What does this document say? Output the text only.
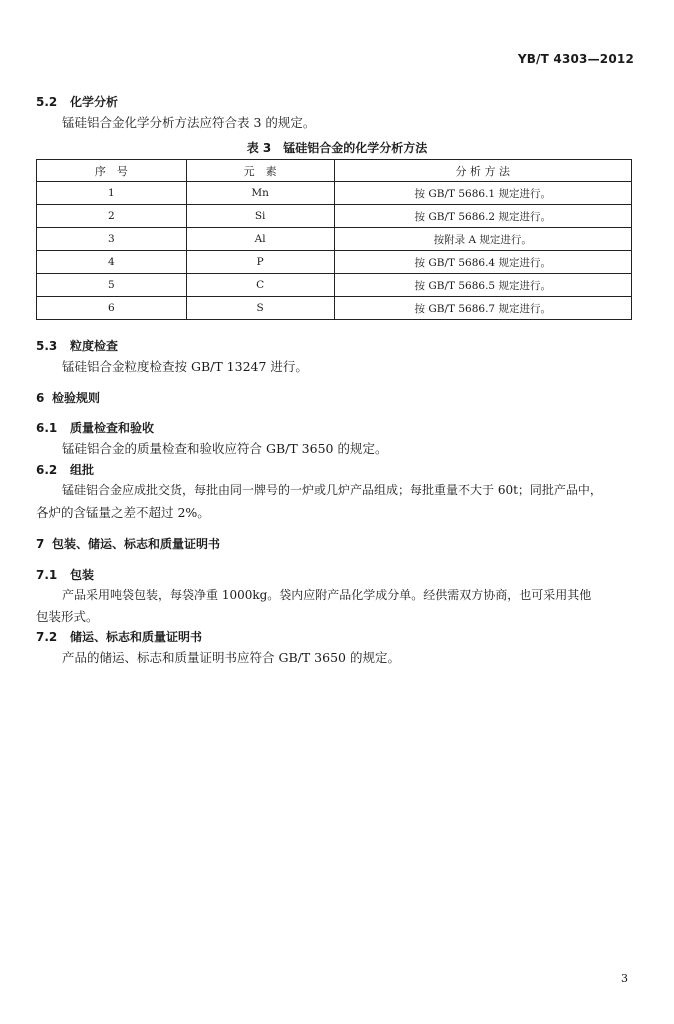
YB/T 4303—2012
5.2 化学分析
锰硅铝合金化学分析方法应符合表 3 的规定。
表 3　锰硅铝合金的化学分析方法
序　号	元　素	分 析 方 法
1	Mn	按 GB/T 5686.1 规定进行。
2	Si	按 GB/T 5686.2 规定进行。
3	Al	按附录 A 规定进行。
4	P	按 GB/T 5686.4 规定进行。
5	C	按 GB/T 5686.5 规定进行。
6	S	按 GB/T 5686.7 规定进行。
5.3 粒度检查
锰硅铝合金粒度检查按 GB/T 13247 进行。
6 检验规则
6.1 质量检查和验收
锰硅铝合金的质量检查和验收应符合 GB/T 3650 的规定。
6.2 组批
锰硅铝合金应成批交货，每批由同一牌号的一炉或几炉产品组成；每批重量不大于 60t；同批产品中，
各炉的含锰量之差不超过 2%。
7 包装、储运、标志和质量证明书
7.1 包装
产品采用吨袋包装，每袋净重 1000kg。袋内应附产品化学成分单。经供需双方协商，也可采用其他
包装形式。
7.2 储运、标志和质量证明书
产品的储运、标志和质量证明书应符合 GB/T 3650 的规定。
3
